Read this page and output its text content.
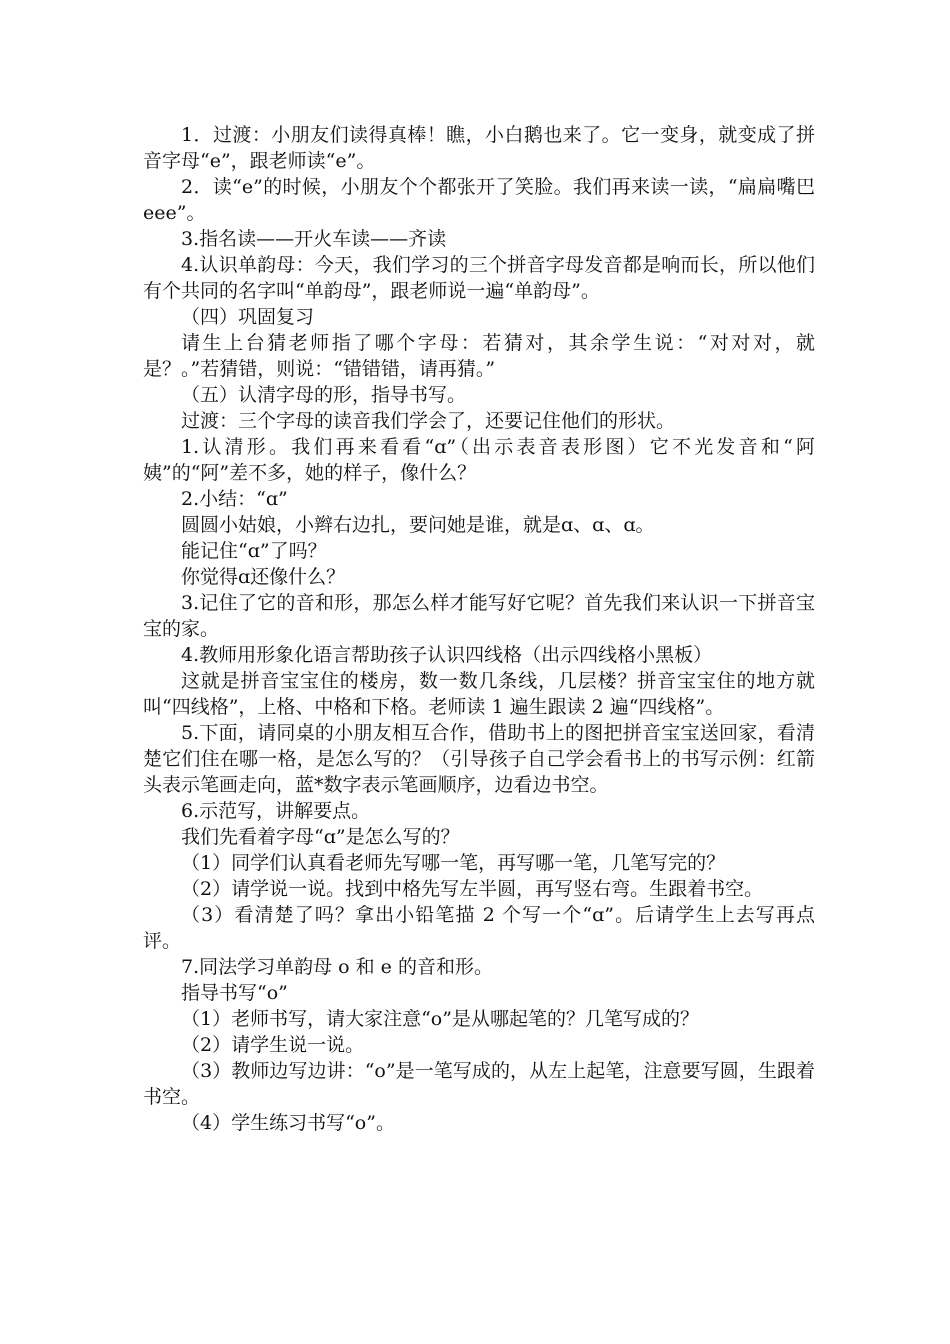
1．过渡：小朋友们读得真棒！瞧，小白鹅也来了。它一变身，就变成了拼音字母“e”，跟老师读“e”。

2．读“e”的时候，小朋友个个都张开了笑脸。我们再来读一读，“扁扁嘴巴 eee”。

3.指名读——开火车读——齐读

4.认识单韵母：今天，我们学习的三个拼音字母发音都是响而长，所以他们有个共同的名字叫“单韵母”，跟老师说一遍“单韵母”。

（四）巩固复习

请生上台猜老师指了哪个字母：若猜对，其余学生说：“对对对，就是？。”若猜错，则说：“错错错，请再猜。”

（五）认清字母的形，指导书写。

过渡：三个字母的读音我们学会了，还要记住他们的形状。

1.认清形。我们再来看看“ɑ”（出示表音表形图）它不光发音和“阿姨”的“阿”差不多，她的样子，像什么？

2.小结：“ɑ”

圆圆小姑娘，小辫右边扎，要问她是谁，就是ɑ、ɑ、ɑ。

能记住“ɑ”了吗？

你觉得ɑ还像什么？

3.记住了它的音和形，那怎么样才能写好它呢？首先我们来认识一下拼音宝宝的家。

4.教师用形象化语言帮助孩子认识四线格（出示四线格小黑板）

这就是拼音宝宝住的楼房，数一数几条线，几层楼？拼音宝宝住的地方就叫“四线格”，上格、中格和下格。老师读 1 遍生跟读 2 遍“四线格”。

5.下面，请同桌的小朋友相互合作，借助书上的图把拼音宝宝送回家，看清楚它们住在哪一格，是怎么写的？（引导孩子自己学会看书上的书写示例：红箭头表示笔画走向，蓝*数字表示笔画顺序，边看边书空。

6.示范写，讲解要点。

我们先看着字母“ɑ”是怎么写的？

（1）同学们认真看老师先写哪一笔，再写哪一笔，几笔写完的？

（2）请学说一说。找到中格先写左半圆，再写竖右弯。生跟着书空。

（3）看清楚了吗？拿出小铅笔描 2 个写一个“ɑ”。后请学生上去写再点评。

7.同法学习单韵母 o 和 e 的音和形。

指导书写“o”

（1）老师书写，请大家注意“o”是从哪起笔的？几笔写成的？

（2）请学生说一说。

（3）教师边写边讲：“o”是一笔写成的，从左上起笔，注意要写圆，生跟着书空。

（4）学生练习书写“o”。
